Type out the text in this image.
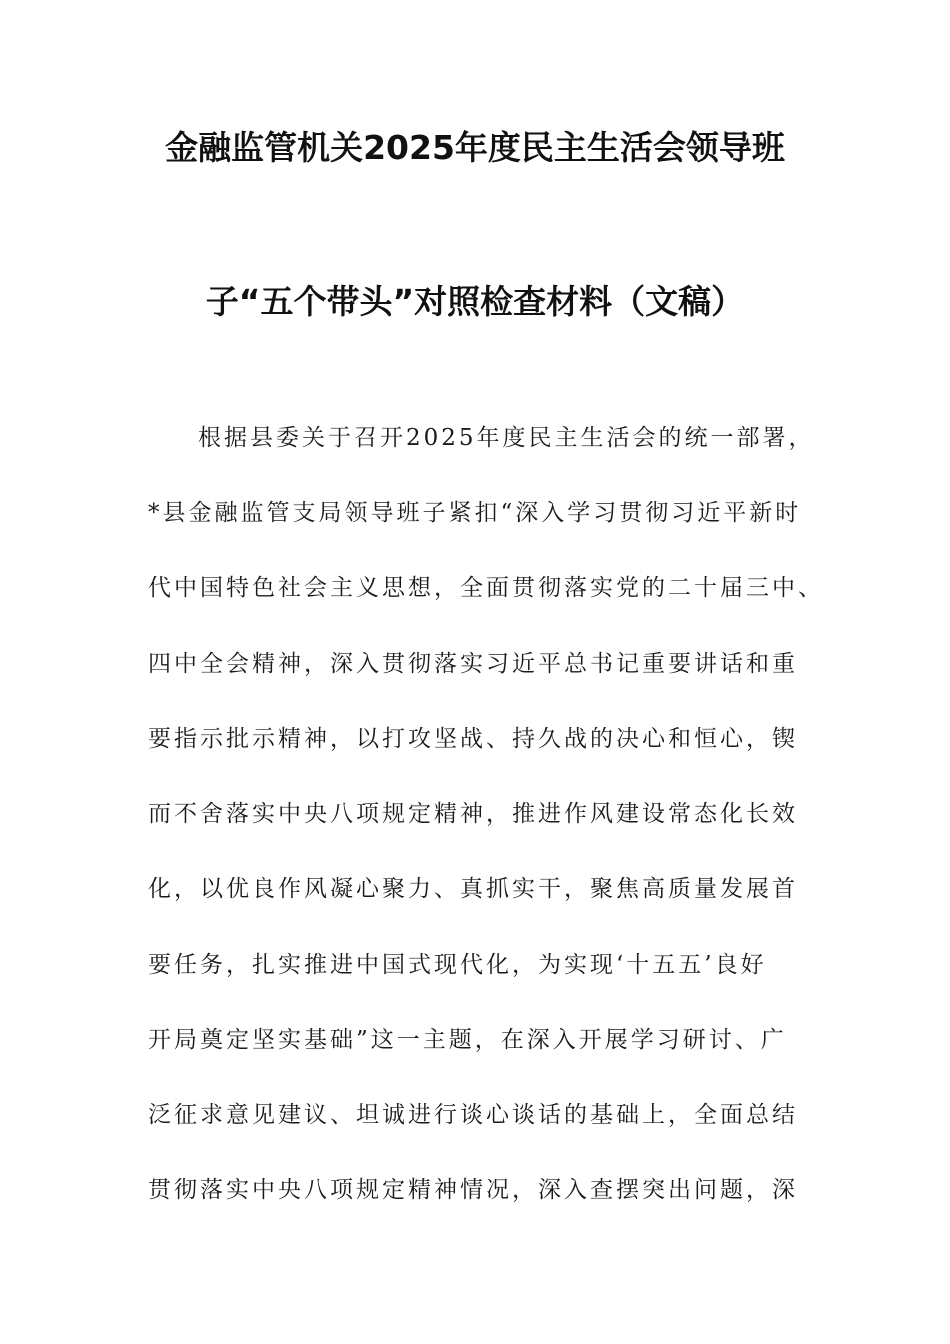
金融监管机关2025年度民主生活会领导班
子“五个带头”对照检查材料（文稿）
根据县委关于召开2025年度民主生活会的统一部署，
*县金融监管支局领导班子紧扣“深入学习贯彻习近平新时
代中国特色社会主义思想，全面贯彻落实党的二十届三中、
四中全会精神，深入贯彻落实习近平总书记重要讲话和重
要指示批示精神，以打攻坚战、持久战的决心和恒心，锲
而不舍落实中央八项规定精神，推进作风建设常态化长效
化，以优良作风凝心聚力、真抓实干，聚焦高质量发展首
要任务，扎实推进中国式现代化，为实现‘十五五’良好
开局奠定坚实基础”这一主题，在深入开展学习研讨、广
泛征求意见建议、坦诚进行谈心谈话的基础上，全面总结
贯彻落实中央八项规定精神情况，深入查摆突出问题，深
